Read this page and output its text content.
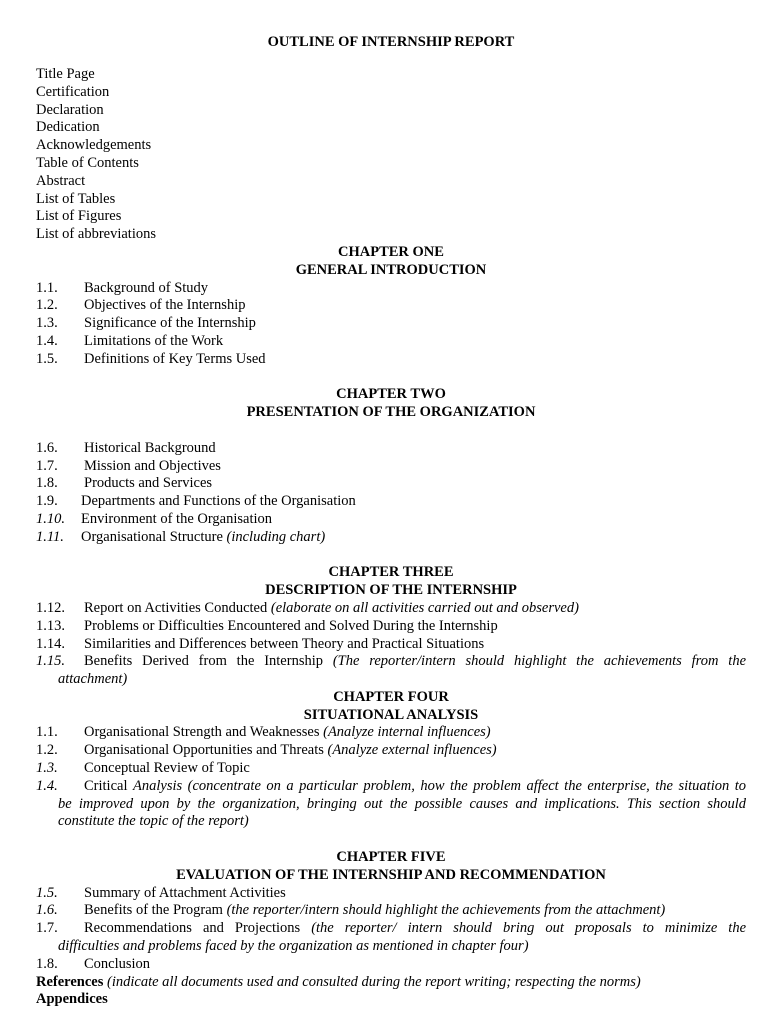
OUTLINE OF INTERNSHIP REPORT
Title Page
Certification
Declaration
Dedication
Acknowledgements
Table of Contents
Abstract
List of Tables
List of Figures
List of abbreviations
CHAPTER ONE
GENERAL INTRODUCTION
1.1. Background of Study
1.2. Objectives of the Internship
1.3. Significance of the Internship
1.4. Limitations of the Work
1.5. Definitions of Key Terms Used
CHAPTER TWO
PRESENTATION OF THE ORGANIZATION
1.6. Historical Background
1.7. Mission and Objectives
1.8. Products and Services
1.9. Departments and Functions of the Organisation
1.10. Environment of the Organisation
1.11. Organisational Structure (including chart)
CHAPTER THREE
DESCRIPTION OF THE INTERNSHIP
1.12. Report on Activities Conducted (elaborate on all activities carried out and observed)
1.13. Problems or Difficulties Encountered and Solved During the Internship
1.14. Similarities and Differences between Theory and Practical Situations
1.15. Benefits Derived from the Internship (The reporter/intern should highlight the achievements from the
attachment)
CHAPTER FOUR
SITUATIONAL ANALYSIS
1.1. Organisational Strength and Weaknesses (Analyze internal influences)
1.2. Organisational Opportunities and Threats (Analyze external influences)
1.3. Conceptual Review of Topic
1.4. Critical Analysis (concentrate on a particular problem, how the problem affect the enterprise, the situation to
be improved upon by the organization, bringing out the possible causes and implications. This section should
constitute the topic of the report)
CHAPTER FIVE
EVALUATION OF THE INTERNSHIP AND RECOMMENDATION
1.5. Summary of Attachment Activities
1.6. Benefits of the Program (the reporter/intern should highlight the achievements from the attachment)
1.7. Recommendations and Projections (the reporter/ intern should bring out proposals to minimize the
difficulties and problems faced by the organization as mentioned in chapter four)
1.8. Conclusion
References (indicate all documents used and consulted during the report writing; respecting the norms)
Appendices
